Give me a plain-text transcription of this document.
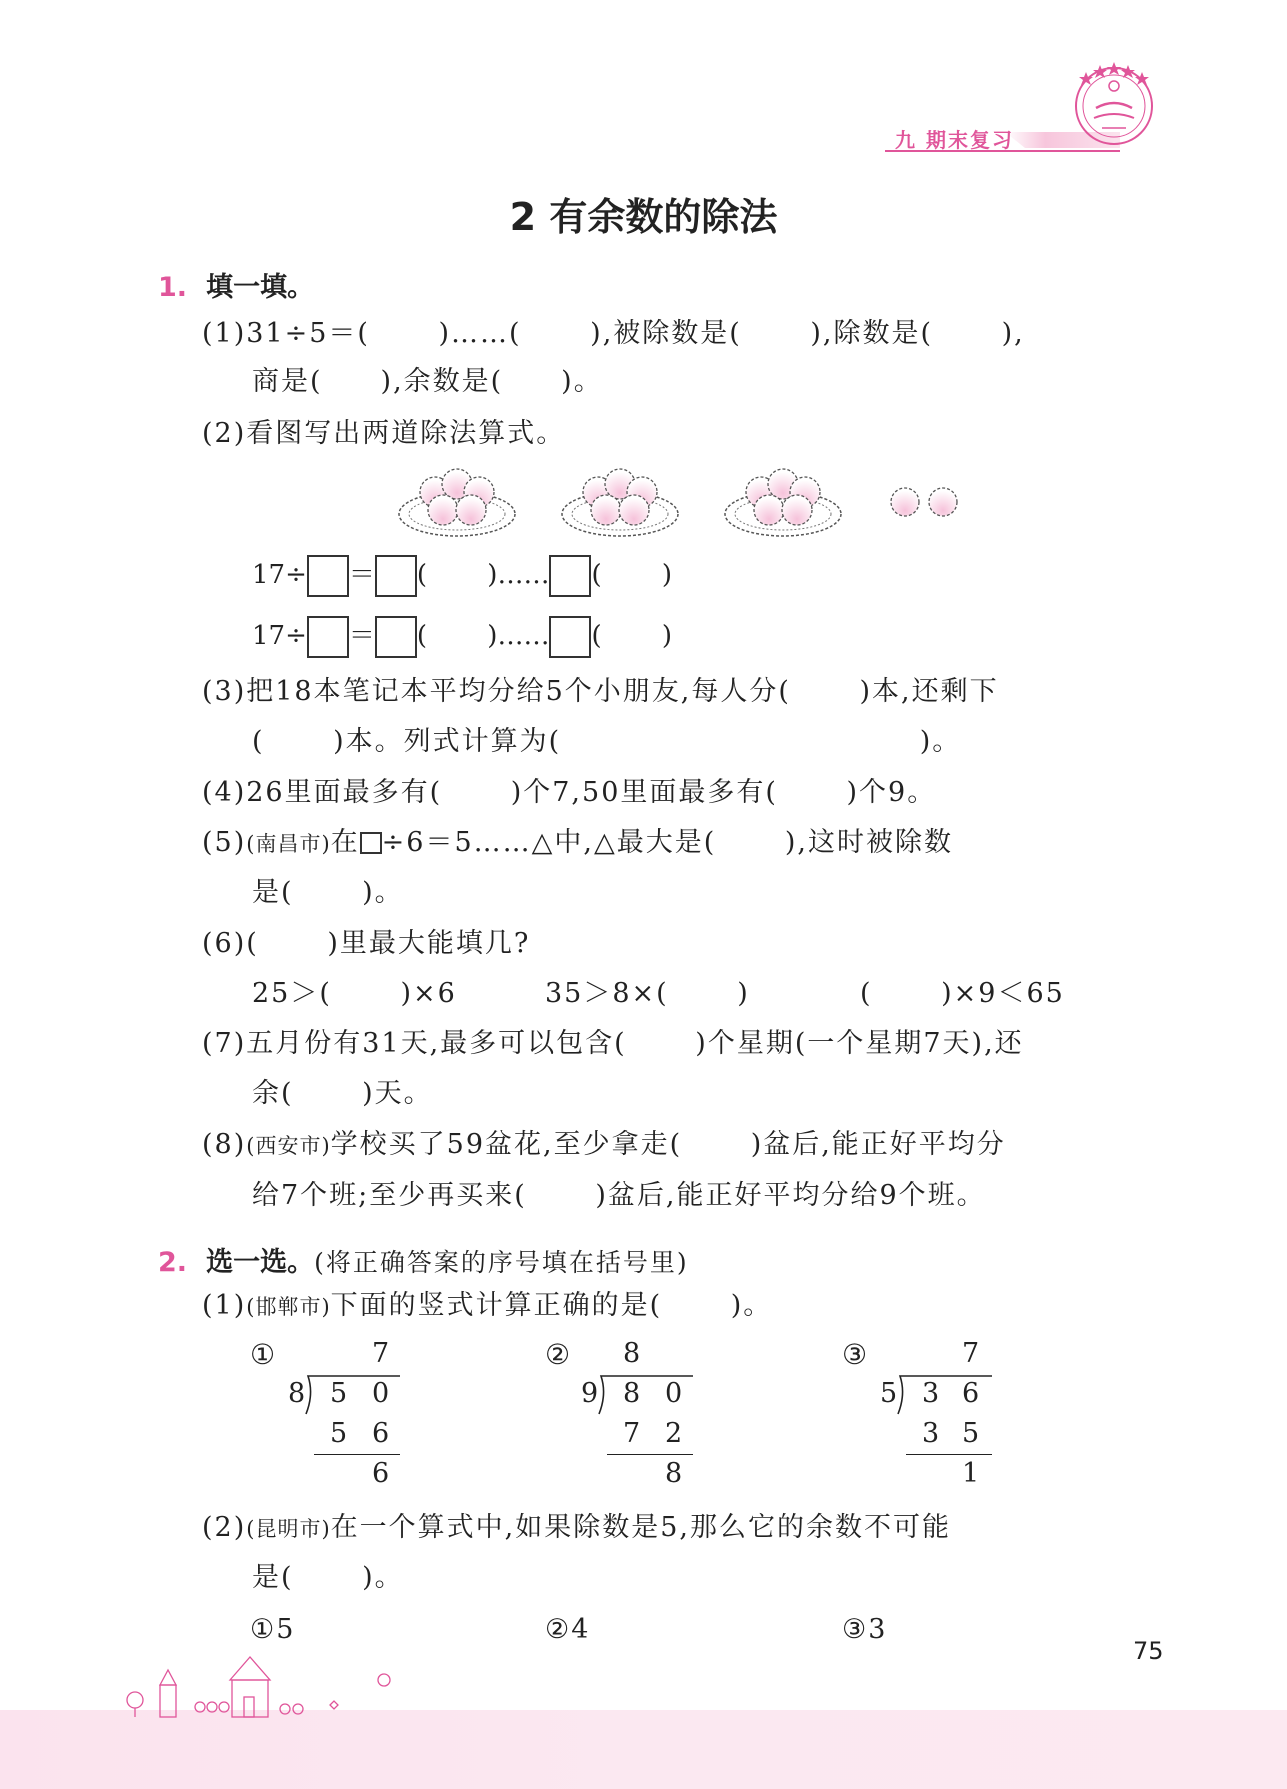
九 期末复习
2 有余数的除法
1. 填一填。
(1)31÷5＝(　　 )……(　　 ),被除数是(　　 ),除数是(　　 ),
商是(　　),余数是(　　)。
(2)看图写出两道除法算式。
17÷ ＝ (　　 )…… (　　 )
17÷ ＝ (　　 )…… (　　 )
(3)把18本笔记本平均分给5个小朋友,每人分(　　 )本,还剩下
(　　 )本。列式计算为(　　　　　　　　　　　　 )。
(4)26里面最多有(　　 )个7,50里面最多有(　　 )个9。
(5)(南昌市)在 ÷6＝5……△中,△最大是(　　 ),这时被除数
是(　　 )。
(6)(　　 )里最大能填几?
25＞(　　 )×6	35＞8×(　　 )	(　　 )×9＜65
(7)五月份有31天,最多可以包含(　　 )个星期(一个星期7天),还
余(　　 )天。
(8)(西安市)学校买了59盆花,至少拿走(　　 )盆后,能正好平均分
给7个班;至少再买来(　　 )盆后,能正好平均分给9个班。
2. 选一选。(将正确答案的序号填在括号里)
(1)(邯郸市)下面的竖式计算正确的是(　　 )。
①	7
8 5 0
5 6
6
② 8
9 8 0
7 2
8
③	7
5 3 6
3 5
1
(2)(昆明市)在一个算式中,如果除数是5,那么它的余数不可能
是(　　 )。
①5	②4	③3
75
